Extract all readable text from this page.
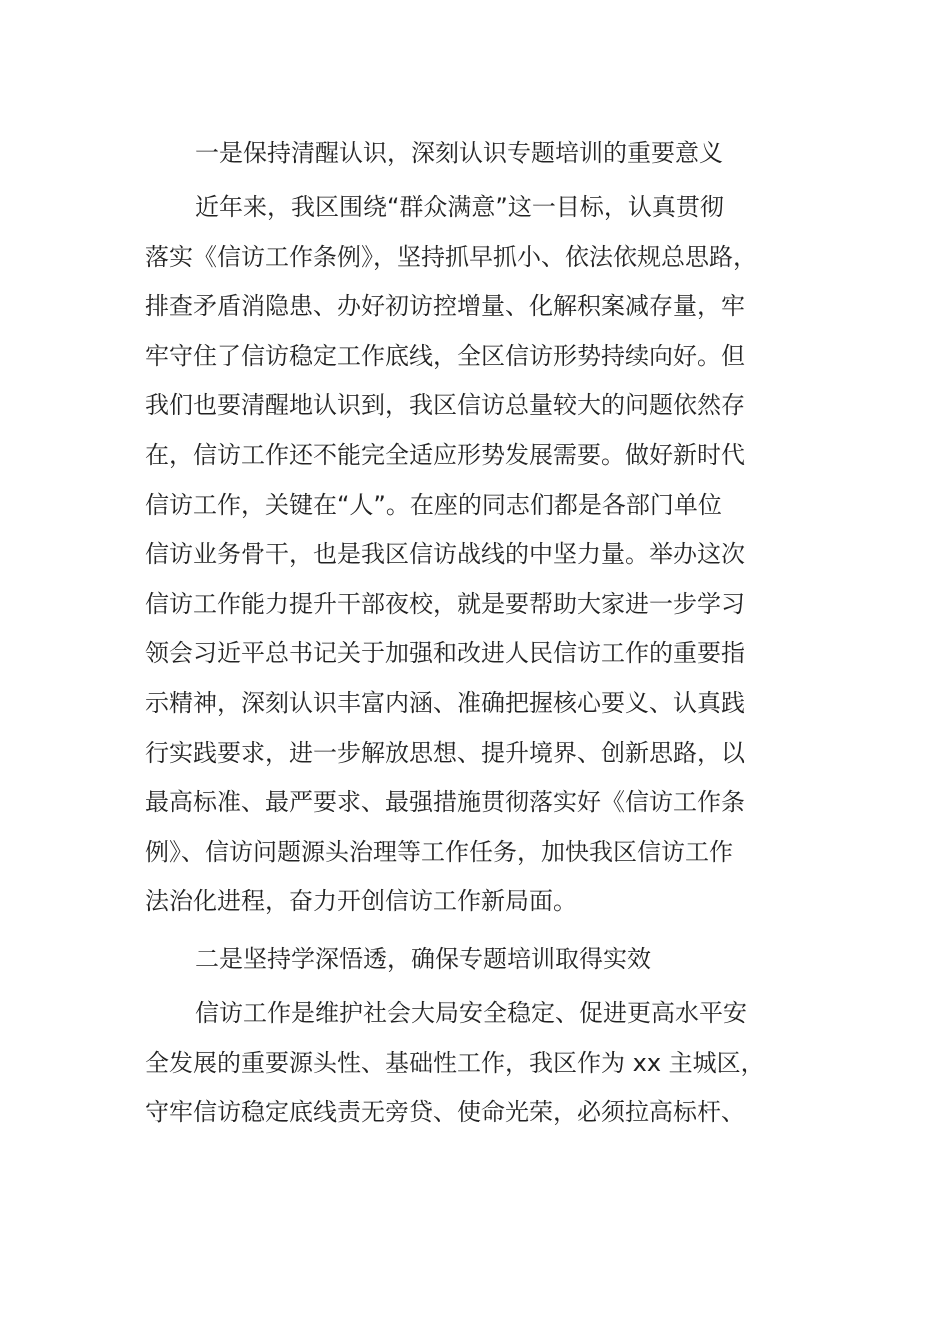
一是保持清醒认识，深刻认识专题培训的重要意义
近年来，我区围绕“群众满意”这一目标，认真贯彻
落实《信访工作条例》，坚持抓早抓小、依法依规总思路，
排查矛盾消隐患、办好初访控增量、化解积案减存量，牢
牢守住了信访稳定工作底线，全区信访形势持续向好。但
我们也要清醒地认识到，我区信访总量较大的问题依然存
在，信访工作还不能完全适应形势发展需要。做好新时代
信访工作，关键在“人”。在座的同志们都是各部门单位
信访业务骨干，也是我区信访战线的中坚力量。举办这次
信访工作能力提升干部夜校，就是要帮助大家进一步学习
领会习近平总书记关于加强和改进人民信访工作的重要指
示精神，深刻认识丰富内涵、准确把握核心要义、认真践
行实践要求，进一步解放思想、提升境界、创新思路，以
最高标准、最严要求、最强措施贯彻落实好《信访工作条
例》、信访问题源头治理等工作任务，加快我区信访工作
法治化进程，奋力开创信访工作新局面。
二是坚持学深悟透，确保专题培训取得实效
信访工作是维护社会大局安全稳定、促进更高水平安
全发展的重要源头性、基础性工作，我区作为 xx 主城区，
守牢信访稳定底线责无旁贷、使命光荣，必须拉高标杆、
